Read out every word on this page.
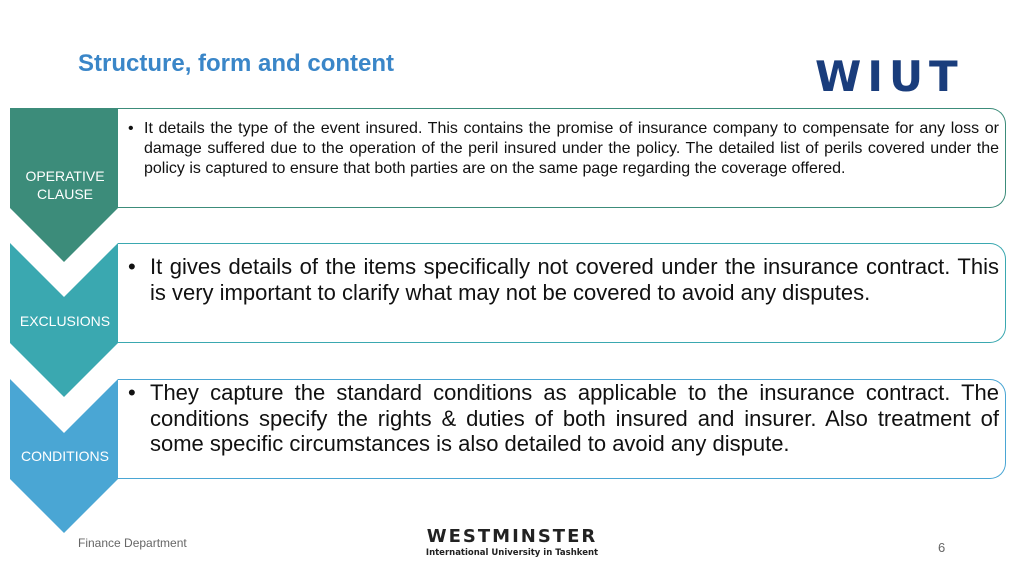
Structure, form and content	WIUT
OPERATIVE
CLAUSE
EXCLUSIONS
CONDITIONS
• It details the type of the event insured. This contains the promise of insurance company to compensate for any loss or damage suffered due to the operation of the peril insured under the policy. The detailed list of perils covered under the policy is captured to ensure that both parties are on the same page regarding the coverage offered.
• It gives details of the items specifically not covered under the insurance contract. This is very important to clarify what may not be covered to avoid any disputes.
• They capture the standard conditions as applicable to the insurance contract. The conditions specify the rights & duties of both insured and insurer. Also treatment of some specific circumstances is also detailed to avoid any dispute.
Finance Department	WESTMINSTER
International University in Tashkent	6
